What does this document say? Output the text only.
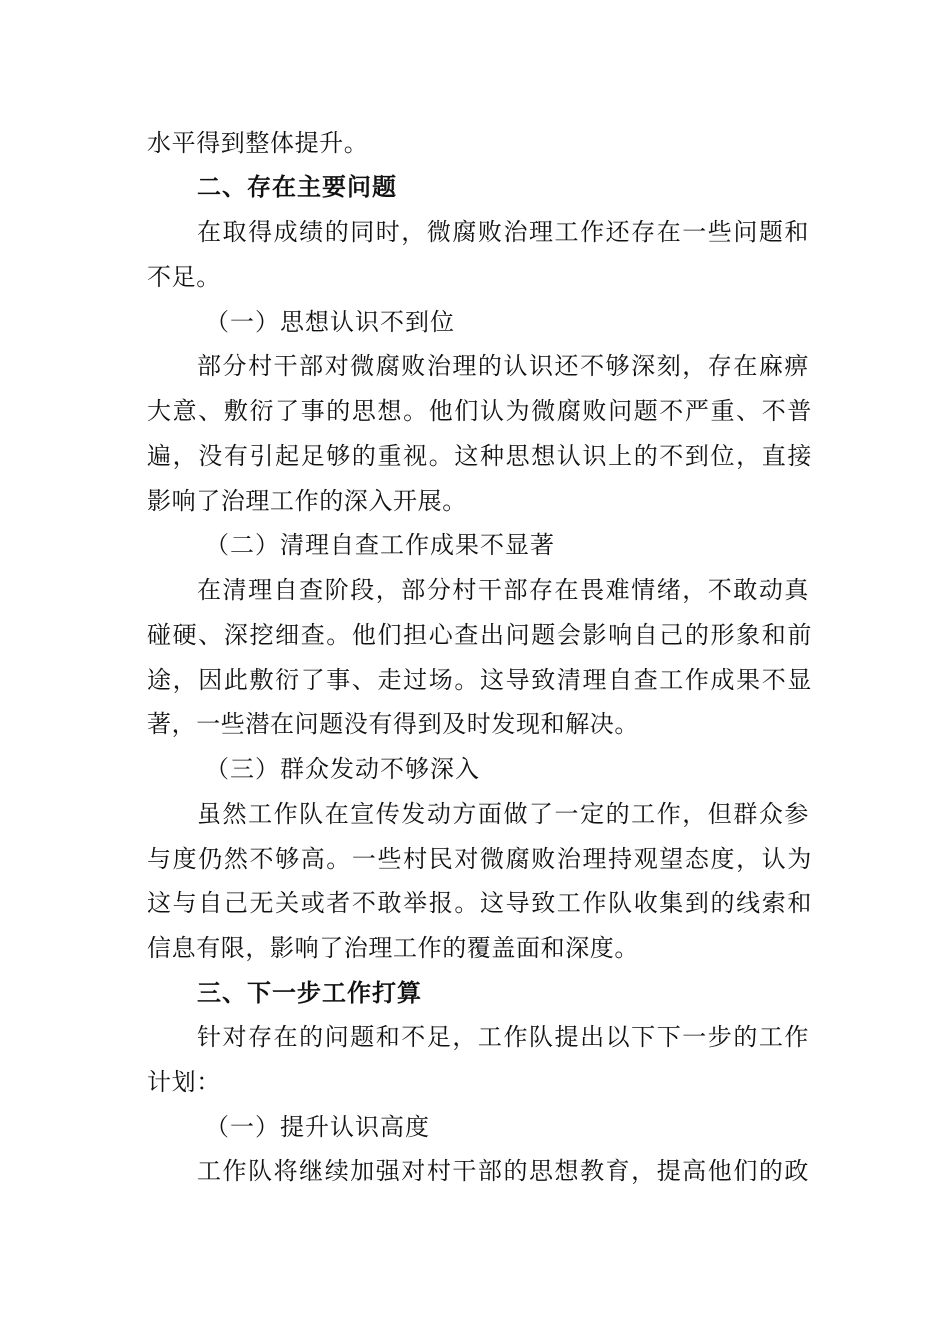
水平得到整体提升。
二、存在主要问题
在取得成绩的同时，微腐败治理工作还存在一些问题和
不足。
（一）思想认识不到位
部分村干部对微腐败治理的认识还不够深刻，存在麻痹
大意、敷衍了事的思想。他们认为微腐败问题不严重、不普
遍，没有引起足够的重视。这种思想认识上的不到位，直接
影响了治理工作的深入开展。
（二）清理自查工作成果不显著
在清理自查阶段，部分村干部存在畏难情绪，不敢动真
碰硬、深挖细查。他们担心查出问题会影响自己的形象和前
途，因此敷衍了事、走过场。这导致清理自查工作成果不显
著，一些潜在问题没有得到及时发现和解决。
（三）群众发动不够深入
虽然工作队在宣传发动方面做了一定的工作，但群众参
与度仍然不够高。一些村民对微腐败治理持观望态度，认为
这与自己无关或者不敢举报。这导致工作队收集到的线索和
信息有限，影响了治理工作的覆盖面和深度。
三、下一步工作打算
针对存在的问题和不足，工作队提出以下下一步的工作
计划：
（一）提升认识高度
工作队将继续加强对村干部的思想教育，提高他们的政
